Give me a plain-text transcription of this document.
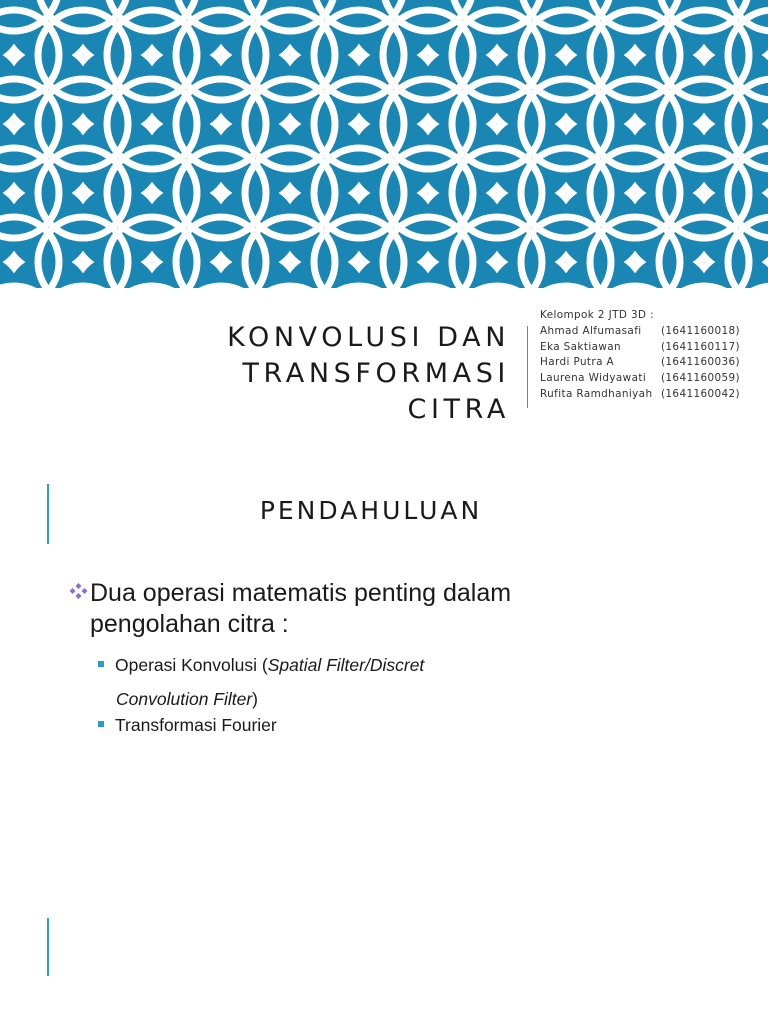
KONVOLUSI DAN TRANSFORMASI
CITRA
Kelompok 2 JTD 3D :
Ahmad Alfumasafi (1641160018)
Eka Saktiawan	(1641160117)
Hardi Putra A	(1641160036)
Laurena Widyawati (1641160059)
Rufita Ramdhaniyah (1641160042)
PENDAHULUAN
Dua operasi matematis penting dalam
pengolahan citra :
Operasi Konvolusi (Spatial Filter/Discret
Convolution Filter)
Transformasi Fourier
